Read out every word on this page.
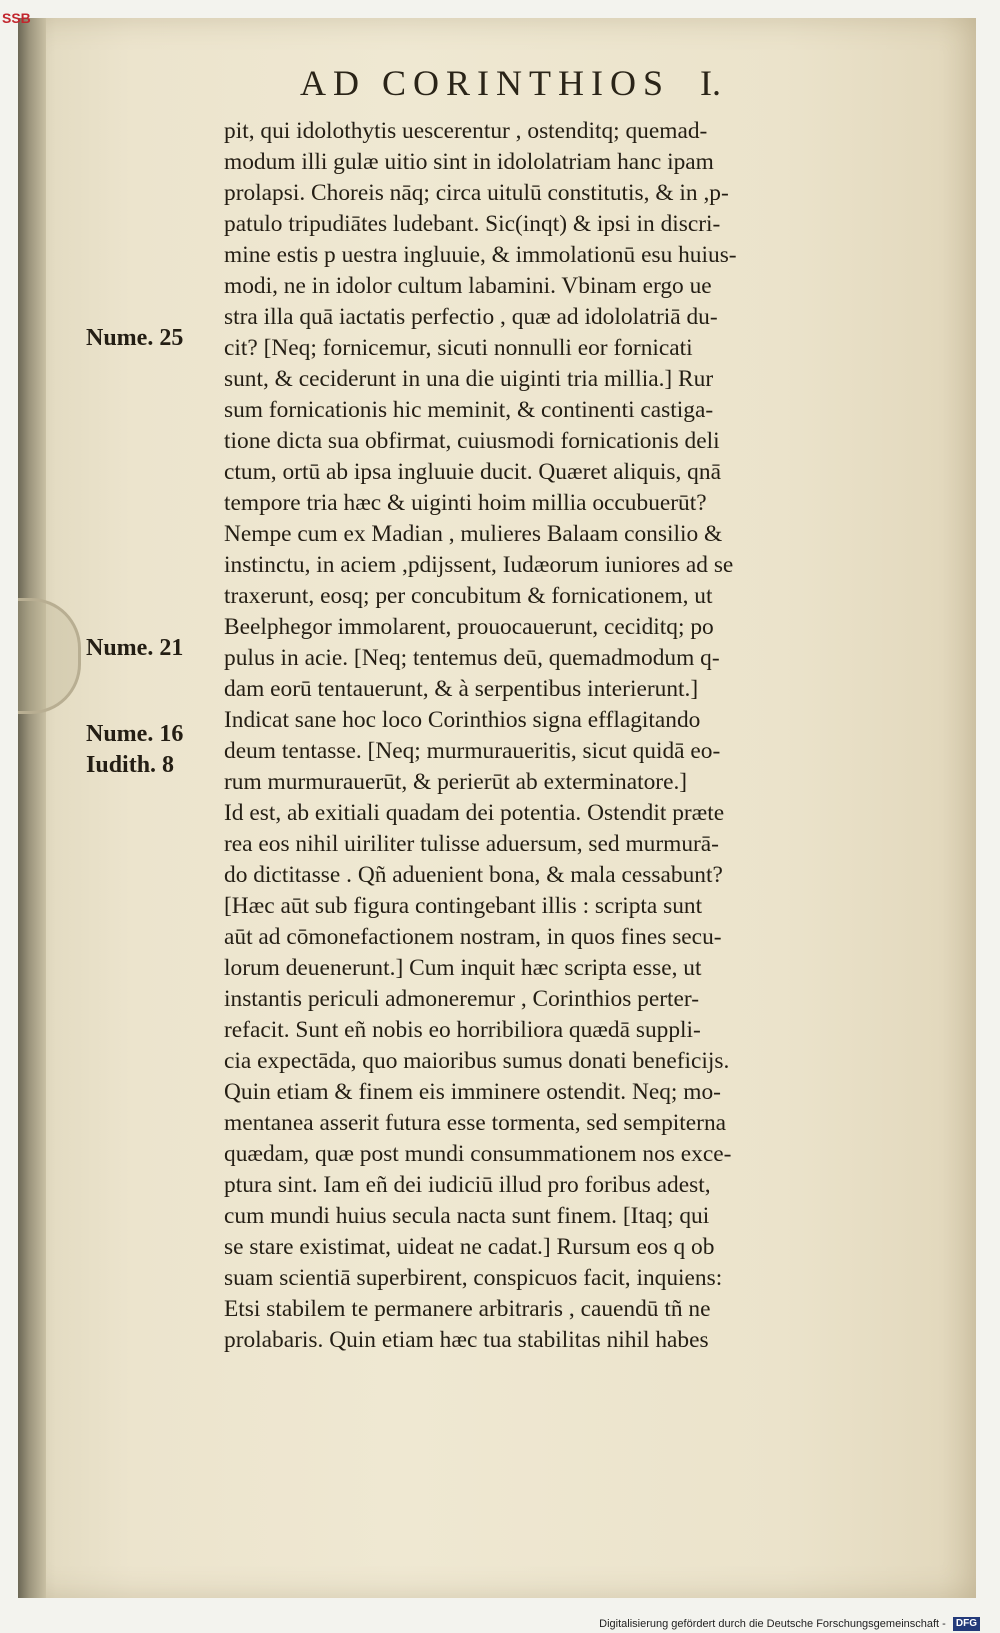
SSB
AD CORINTHIOS I.
Nume. 25
Nume. 21
Nume. 16
Iudith. 8
pit, qui idolothytis uescerentur , ostenditq; quemad-
modum illi gulæ uitio sint in idololatriam hanc ipam
prolapsi. Choreis nāq; circa uitulū constitutis, & in ,p-
patulo tripudiātes ludebant. Sic(inqt) & ipsi in discri-
mine estis p uestra ingluuie, & immolationū esu huius-
modi, ne in idolor cultum labamini. Vbinam ergo ue
stra illa quā iactatis perfectio , quæ ad idololatriā du-
cit? [Neq; fornicemur, sicuti nonnulli eor fornicati
sunt, & ceciderunt in una die uiginti tria millia.] Rur
sum fornicationis hic meminit, & continenti castiga-
tione dicta sua obfirmat, cuiusmodi fornicationis deli
ctum, ortū ab ipsa ingluuie ducit. Quæret aliquis, qnā
tempore tria hæc & uiginti hoim millia occubuerūt?
Nempe cum ex Madian , mulieres Balaam consilio &
instinctu, in aciem ,pdijssent, Iudæorum iuniores ad se
traxerunt, eosq; per concubitum & fornicationem, ut
Beelphegor immolarent, prouocauerunt, ceciditq; po
pulus in acie. [Neq; tentemus deū, quemadmodum q-
dam eorū tentauerunt, & à serpentibus interierunt.]
Indicat sane hoc loco Corinthios signa efflagitando
deum tentasse. [Neq; murmuraueritis, sicut quidā eo-
rum murmurauerūt, & perierūt ab exterminatore.]
Id est, ab exitiali quadam dei potentia. Ostendit præte
rea eos nihil uiriliter tulisse aduersum, sed murmurā-
do dictitasse . Qñ aduenient bona, & mala cessabunt?
[Hæc aūt sub figura contingebant illis : scripta sunt
aūt ad cōmonefactionem nostram, in quos fines secu-
lorum deuenerunt.] Cum inquit hæc scripta esse, ut
instantis periculi admoneremur , Corinthios perter-
refacit. Sunt eñ nobis eo horribiliora quædā suppli-
cia expectāda, quo maioribus sumus donati beneficijs.
Quin etiam & finem eis imminere ostendit. Neq; mo-
mentanea asserit futura esse tormenta, sed sempiterna
quædam, quæ post mundi consummationem nos exce-
ptura sint. Iam eñ dei iudiciū illud pro foribus adest,
cum mundi huius secula nacta sunt finem. [Itaq; qui
se stare existimat, uideat ne cadat.] Rursum eos q ob
suam scientiā superbirent, conspicuos facit, inquiens:
Etsi stabilem te permanere arbitraris , cauendū tñ ne
prolabaris. Quin etiam hæc tua stabilitas nihil habes
Digitalisierung gefördert durch die Deutsche Forschungsgemeinschaft - DFG
